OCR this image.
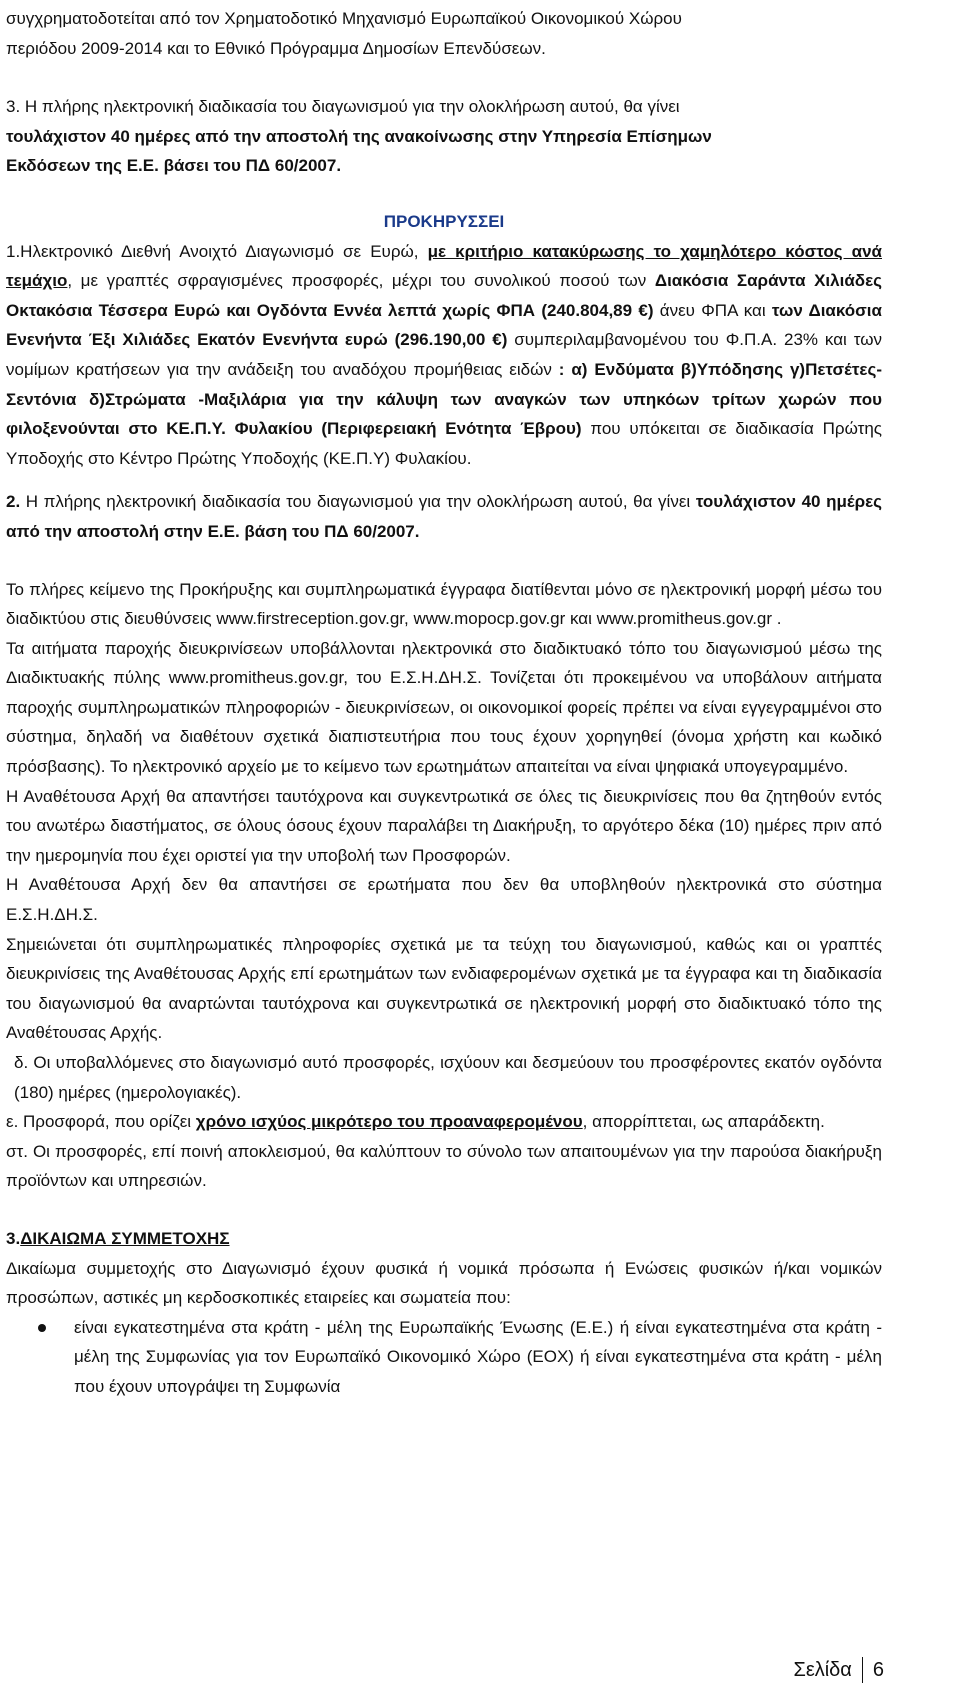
συγχρηματοδοτείται από τον Χρηματοδοτικό Μηχανισμό Ευρωπαϊκού Οικονομικού Χώρου
περιόδου 2009-2014 και το Εθνικό Πρόγραμμα Δημοσίων Επενδύσεων.

3. Η πλήρης ηλεκτρονική διαδικασία του διαγωνισμού για την ολοκλήρωση αυτού, θα γίνει
τουλάχιστον 40 ημέρες από την αποστολή της ανακοίνωσης στην Υπηρεσία Επίσημων
Εκδόσεων της Ε.Ε. βάσει του ΠΔ 60/2007.

ΠΡΟΚΗΡΥΣΣΕΙ

1.Ηλεκτρονικό Διεθνή Ανοιχτό Διαγωνισμό σε Ευρώ, με κριτήριο κατακύρωσης το χαμηλότερο κόστος ανά τεμάχιο, με γραπτές σφραγισμένες προσφορές, μέχρι του συνολικού ποσού των Διακόσια Σαράντα Χιλιάδες Οκτακόσια Τέσσερα Ευρώ και Ογδόντα Εννέα λεπτά χωρίς ΦΠΑ (240.804,89 €) άνευ ΦΠΑ και των Διακόσια Ενενήντα Έξι Χιλιάδες Εκατόν Ενενήντα ευρώ (296.190,00 €) συμπεριλαμβανομένου του Φ.Π.Α. 23% και των νομίμων κρατήσεων για την ανάδειξη του αναδόχου προμήθειας ειδών : α) Ενδύματα β)Υπόδησης γ)Πετσέτες-Σεντόνια δ)Στρώματα -Μαξιλάρια για την κάλυψη των αναγκών των υπηκόων τρίτων χωρών που φιλοξενούνται στο ΚΕ.Π.Υ. Φυλακίου (Περιφερειακή Ενότητα Έβρου) που υπόκειται σε διαδικασία Πρώτης Υποδοχής στο Κέντρο Πρώτης Υποδοχής (ΚΕ.Π.Υ) Φυλακίου.

2. Η πλήρης ηλεκτρονική διαδικασία του διαγωνισμού για την ολοκλήρωση αυτού, θα γίνει τουλάχιστον 40 ημέρες από την αποστολή στην Ε.Ε. βάση του ΠΔ 60/2007.

Το πλήρες κείμενο της Προκήρυξης και συμπληρωματικά έγγραφα διατίθενται μόνο σε ηλεκτρονική μορφή μέσω του διαδικτύου στις διευθύνσεις www.firstreception.gov.gr, www.mopocp.gov.gr και www.promitheus.gov.gr .

Τα αιτήματα παροχής διευκρινίσεων υποβάλλονται ηλεκτρονικά στο διαδικτυακό τόπο του διαγωνισμού μέσω της Διαδικτυακής πύλης www.promitheus.gov.gr, του Ε.Σ.Η.ΔΗ.Σ. Τονίζεται ότι προκειμένου να υποβάλουν αιτήματα παροχής συμπληρωματικών πληροφοριών - διευκρινίσεων, οι οικονομικοί φορείς πρέπει να είναι εγγεγραμμένοι στο σύστημα, δηλαδή να διαθέτουν σχετικά διαπιστευτήρια που τους έχουν χορηγηθεί (όνομα χρήστη και κωδικό πρόσβασης). Το ηλεκτρονικό αρχείο με το κείμενο των ερωτημάτων απαιτείται να είναι ψηφιακά υπογεγραμμένο.

Η Αναθέτουσα Αρχή θα απαντήσει ταυτόχρονα και συγκεντρωτικά σε όλες τις διευκρινίσεις που θα ζητηθούν εντός του ανωτέρω διαστήματος, σε όλους όσους έχουν παραλάβει τη Διακήρυξη, το αργότερο δέκα (10) ημέρες πριν από την ημερομηνία που έχει οριστεί για την υποβολή των Προσφορών.

Η Αναθέτουσα Αρχή δεν θα απαντήσει σε ερωτήματα που δεν θα υποβληθούν ηλεκτρονικά στο σύστημα Ε.Σ.Η.ΔΗ.Σ.

Σημειώνεται ότι συμπληρωματικές πληροφορίες σχετικά με τα τεύχη του διαγωνισμού, καθώς και οι γραπτές διευκρινίσεις της Αναθέτουσας Αρχής επί ερωτημάτων των ενδιαφερομένων σχετικά με τα έγγραφα και τη διαδικασία του διαγωνισμού θα αναρτώνται ταυτόχρονα και συγκεντρωτικά σε ηλεκτρονική μορφή στο διαδικτυακό τόπο της Αναθέτουσας Αρχής.

δ. Οι υποβαλλόμενες στο διαγωνισμό αυτό προσφορές, ισχύουν και δεσμεύουν του προσφέροντες εκατόν ογδόντα (180) ημέρες (ημερολογιακές).

ε. Προσφορά, που ορίζει χρόνο ισχύος μικρότερο του προαναφερομένου, απορρίπτεται, ως απαράδεκτη.

στ. Οι προσφορές, επί ποινή αποκλεισμού, θα καλύπτουν το σύνολο των απαιτουμένων για την παρούσα διακήρυξη προϊόντων και υπηρεσιών.

3.ΔΙΚΑΙΩΜΑ ΣΥΜΜΕΤΟΧΗΣ

Δικαίωμα συμμετοχής στο Διαγωνισμό έχουν φυσικά ή νομικά πρόσωπα ή Ενώσεις φυσικών ή/και νομικών προσώπων, αστικές μη κερδοσκοπικές εταιρείες και σωματεία που:

είναι εγκατεστημένα στα κράτη - μέλη της Ευρωπαϊκής Ένωσης (Ε.Ε.) ή είναι εγκατεστημένα στα κράτη - μέλη της Συμφωνίας για τον Ευρωπαϊκό Οικονομικό Χώρο (ΕΟΧ) ή είναι εγκατεστημένα στα κράτη - μέλη που έχουν υπογράψει τη Συμφωνία

Σελίδα 6
